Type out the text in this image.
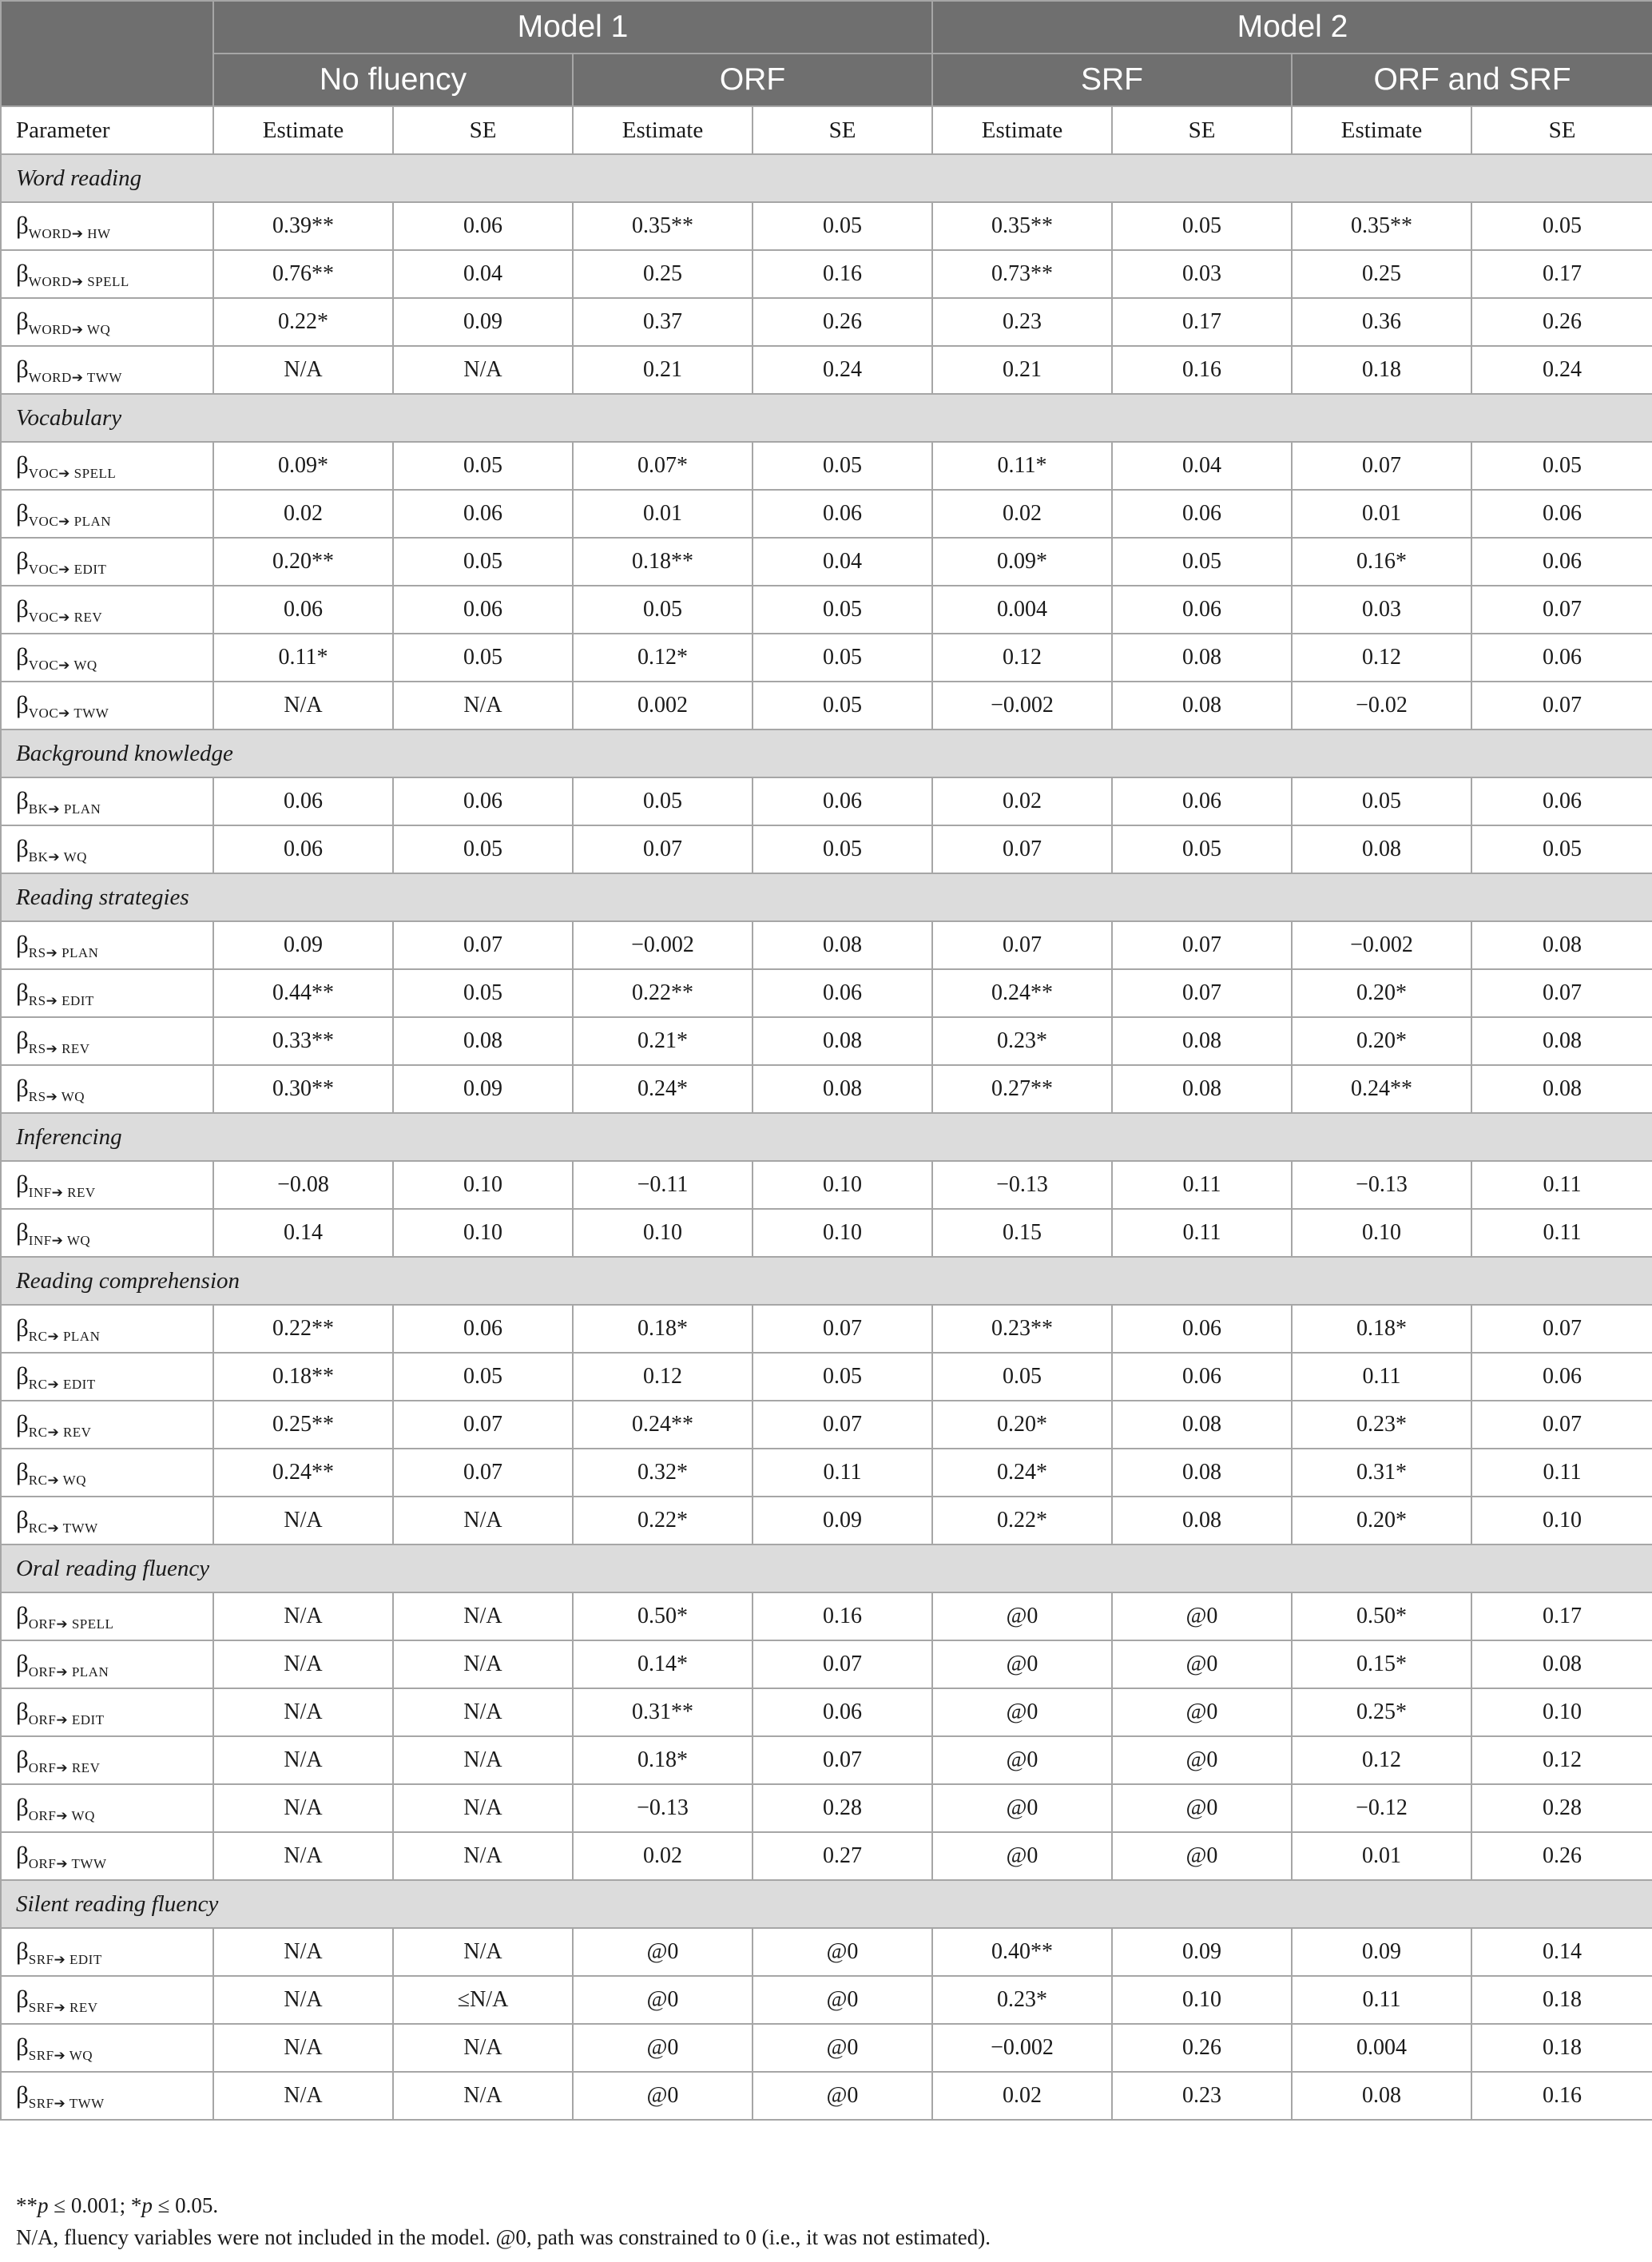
	Model 1				Model 2			
	No fluency		ORF		SRF		ORF and SRF	
Parameter	Estimate	SE	Estimate	SE	Estimate	SE	Estimate	SE
Word reading								
$\beta_{WORD➔ HW}$	0.39**	0.06	0.35**	0.05	0.35**	0.05	0.35**	0.05
$\beta_{WORD➔ SPELL}$	0.76**	0.04	0.25	0.16	0.73**	0.03	0.25	0.17
$\beta_{WORD➔ WQ}$	0.22*	0.09	0.37	0.26	0.23	0.17	0.36	0.26
$\beta_{WORD➔ TWW}$	N/A	N/A	0.21	0.24	0.21	0.16	0.18	0.24
Vocabulary								
$\beta_{VOC➔ SPELL}$	0.09*	0.05	0.07*	0.05	0.11*	0.04	0.07	0.05
$\beta_{VOC➔ PLAN}$	0.02	0.06	0.01	0.06	0.02	0.06	0.01	0.06
$\beta_{VOC➔ EDIT}$	0.20**	0.05	0.18**	0.04	0.09*	0.05	0.16*	0.06
$\beta_{VOC➔ REV}$	0.06	0.06	0.05	0.05	0.004	0.06	0.03	0.07
$\beta_{VOC➔ WQ}$	0.11*	0.05	0.12*	0.05	0.12	0.08	0.12	0.06
$\beta_{VOC➔ TWW}$	N/A	N/A	0.002	0.05	−0.002	0.08	−0.02	0.07
Background knowledge								
$\beta_{BK➔ PLAN}$	0.06	0.06	0.05	0.06	0.02	0.06	0.05	0.06
$\beta_{BK➔ WQ}$	0.06	0.05	0.07	0.05	0.07	0.05	0.08	0.05
Reading strategies								
$\beta_{RS➔ PLAN}$	0.09	0.07	−0.002	0.08	0.07	0.07	−0.002	0.08
$\beta_{RS➔ EDIT}$	0.44**	0.05	0.22**	0.06	0.24**	0.07	0.20*	0.07
$\beta_{RS➔ REV}$	0.33**	0.08	0.21*	0.08	0.23*	0.08	0.20*	0.08
$\beta_{RS➔ WQ}$	0.30**	0.09	0.24*	0.08	0.27**	0.08	0.24**	0.08
Inferencing								
$\beta_{INF➔ REV}$	−0.08	0.10	−0.11	0.10	−0.13	0.11	−0.13	0.11
$\beta_{INF➔ WQ}$	0.14	0.10	0.10	0.10	0.15	0.11	0.10	0.11
Reading comprehension								
$\beta_{RC➔ PLAN}$	0.22**	0.06	0.18*	0.07	0.23**	0.06	0.18*	0.07
$\beta_{RC➔ EDIT}$	0.18**	0.05	0.12	0.05	0.05	0.06	0.11	0.06
$\beta_{RC➔ REV}$	0.25**	0.07	0.24**	0.07	0.20*	0.08	0.23*	0.07
$\beta_{RC➔ WQ}$	0.24**	0.07	0.32*	0.11	0.24*	0.08	0.31*	0.11
$\beta_{RC➔ TWW}$	N/A	N/A	0.22*	0.09	0.22*	0.08	0.20*	0.10
Oral reading fluency								
$\beta_{ORF➔ SPELL}$	N/A	N/A	0.50*	0.16	@0	@0	0.50*	0.17
$\beta_{ORF➔ PLAN}$	N/A	N/A	0.14*	0.07	@0	@0	0.15*	0.08
$\beta_{ORF➔ EDIT}$	N/A	N/A	0.31**	0.06	@0	@0	0.25*	0.10
$\beta_{ORF➔ REV}$	N/A	N/A	0.18*	0.07	@0	@0	0.12	0.12
$\beta_{ORF➔ WQ}$	N/A	N/A	−0.13	0.28	@0	@0	−0.12	0.28
$\beta_{ORF➔ TWW}$	N/A	N/A	0.02	0.27	@0	@0	0.01	0.26
Silent reading fluency								
$\beta_{SRF➔ EDIT}$	N/A	N/A	@0	@0	0.40**	0.09	0.09	0.14
$\beta_{SRF➔ REV}$	N/A	≤N/A	@0	@0	0.23*	0.10	0.11	0.18
$\beta_{SRF➔ WQ}$	N/A	N/A	@0	@0	−0.002	0.26	0.004	0.18
$\beta_{SRF➔ TWW}$	N/A	N/A	@0	@0	0.02	0.23	0.08	0.16

**p ≤ 0.001; *p ≤ 0.05.

N/A, fluency variables were not included in the model. @0, path was constrained to 0 (i.e., it was not estimated).
